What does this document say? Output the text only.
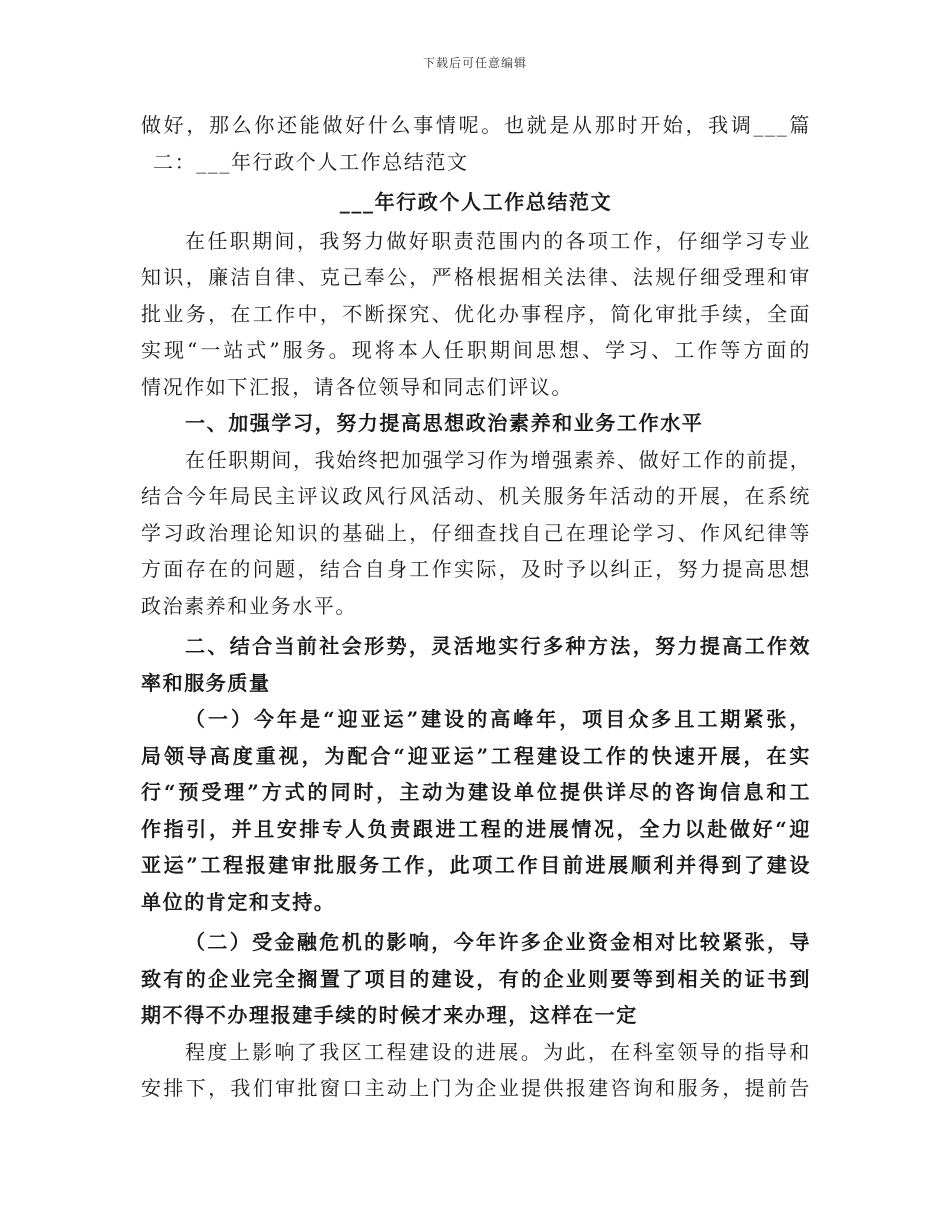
下载后可任意编辑
做好，那么你还能做好什么事情呢。也就是从那时开始，我调___篇
二：___年行政个人工作总结范文
___年行政个人工作总结范文
在任职期间，我努力做好职责范围内的各项工作，仔细学习专业
知识，廉洁自律、克己奉公，严格根据相关法律、法规仔细受理和审
批业务，在工作中，不断探究、优化办事程序，简化审批手续，全面
实现“一站式”服务。现将本人任职期间思想、学习、工作等方面的
情况作如下汇报，请各位领导和同志们评议。
一、加强学习，努力提高思想政治素养和业务工作水平
在任职期间，我始终把加强学习作为增强素养、做好工作的前提，
结合今年局民主评议政风行风活动、机关服务年活动的开展，在系统
学习政治理论知识的基础上，仔细查找自己在理论学习、作风纪律等
方面存在的问题，结合自身工作实际，及时予以纠正，努力提高思想
政治素养和业务水平。
二、结合当前社会形势，灵活地实行多种方法，努力提高工作效
率和服务质量
（一）今年是“迎亚运”建设的高峰年，项目众多且工期紧张，
局领导高度重视，为配合“迎亚运”工程建设工作的快速开展，在实
行“预受理”方式的同时，主动为建设单位提供详尽的咨询信息和工
作指引，并且安排专人负责跟进工程的进展情况，全力以赴做好“迎
亚运”工程报建审批服务工作，此项工作目前进展顺利并得到了建设
单位的肯定和支持。
（二）受金融危机的影响，今年许多企业资金相对比较紧张，导
致有的企业完全搁置了项目的建设，有的企业则要等到相关的证书到
期不得不办理报建手续的时候才来办理，这样在一定
程度上影响了我区工程建设的进展。为此，在科室领导的指导和
安排下，我们审批窗口主动上门为企业提供报建咨询和服务，提前告
